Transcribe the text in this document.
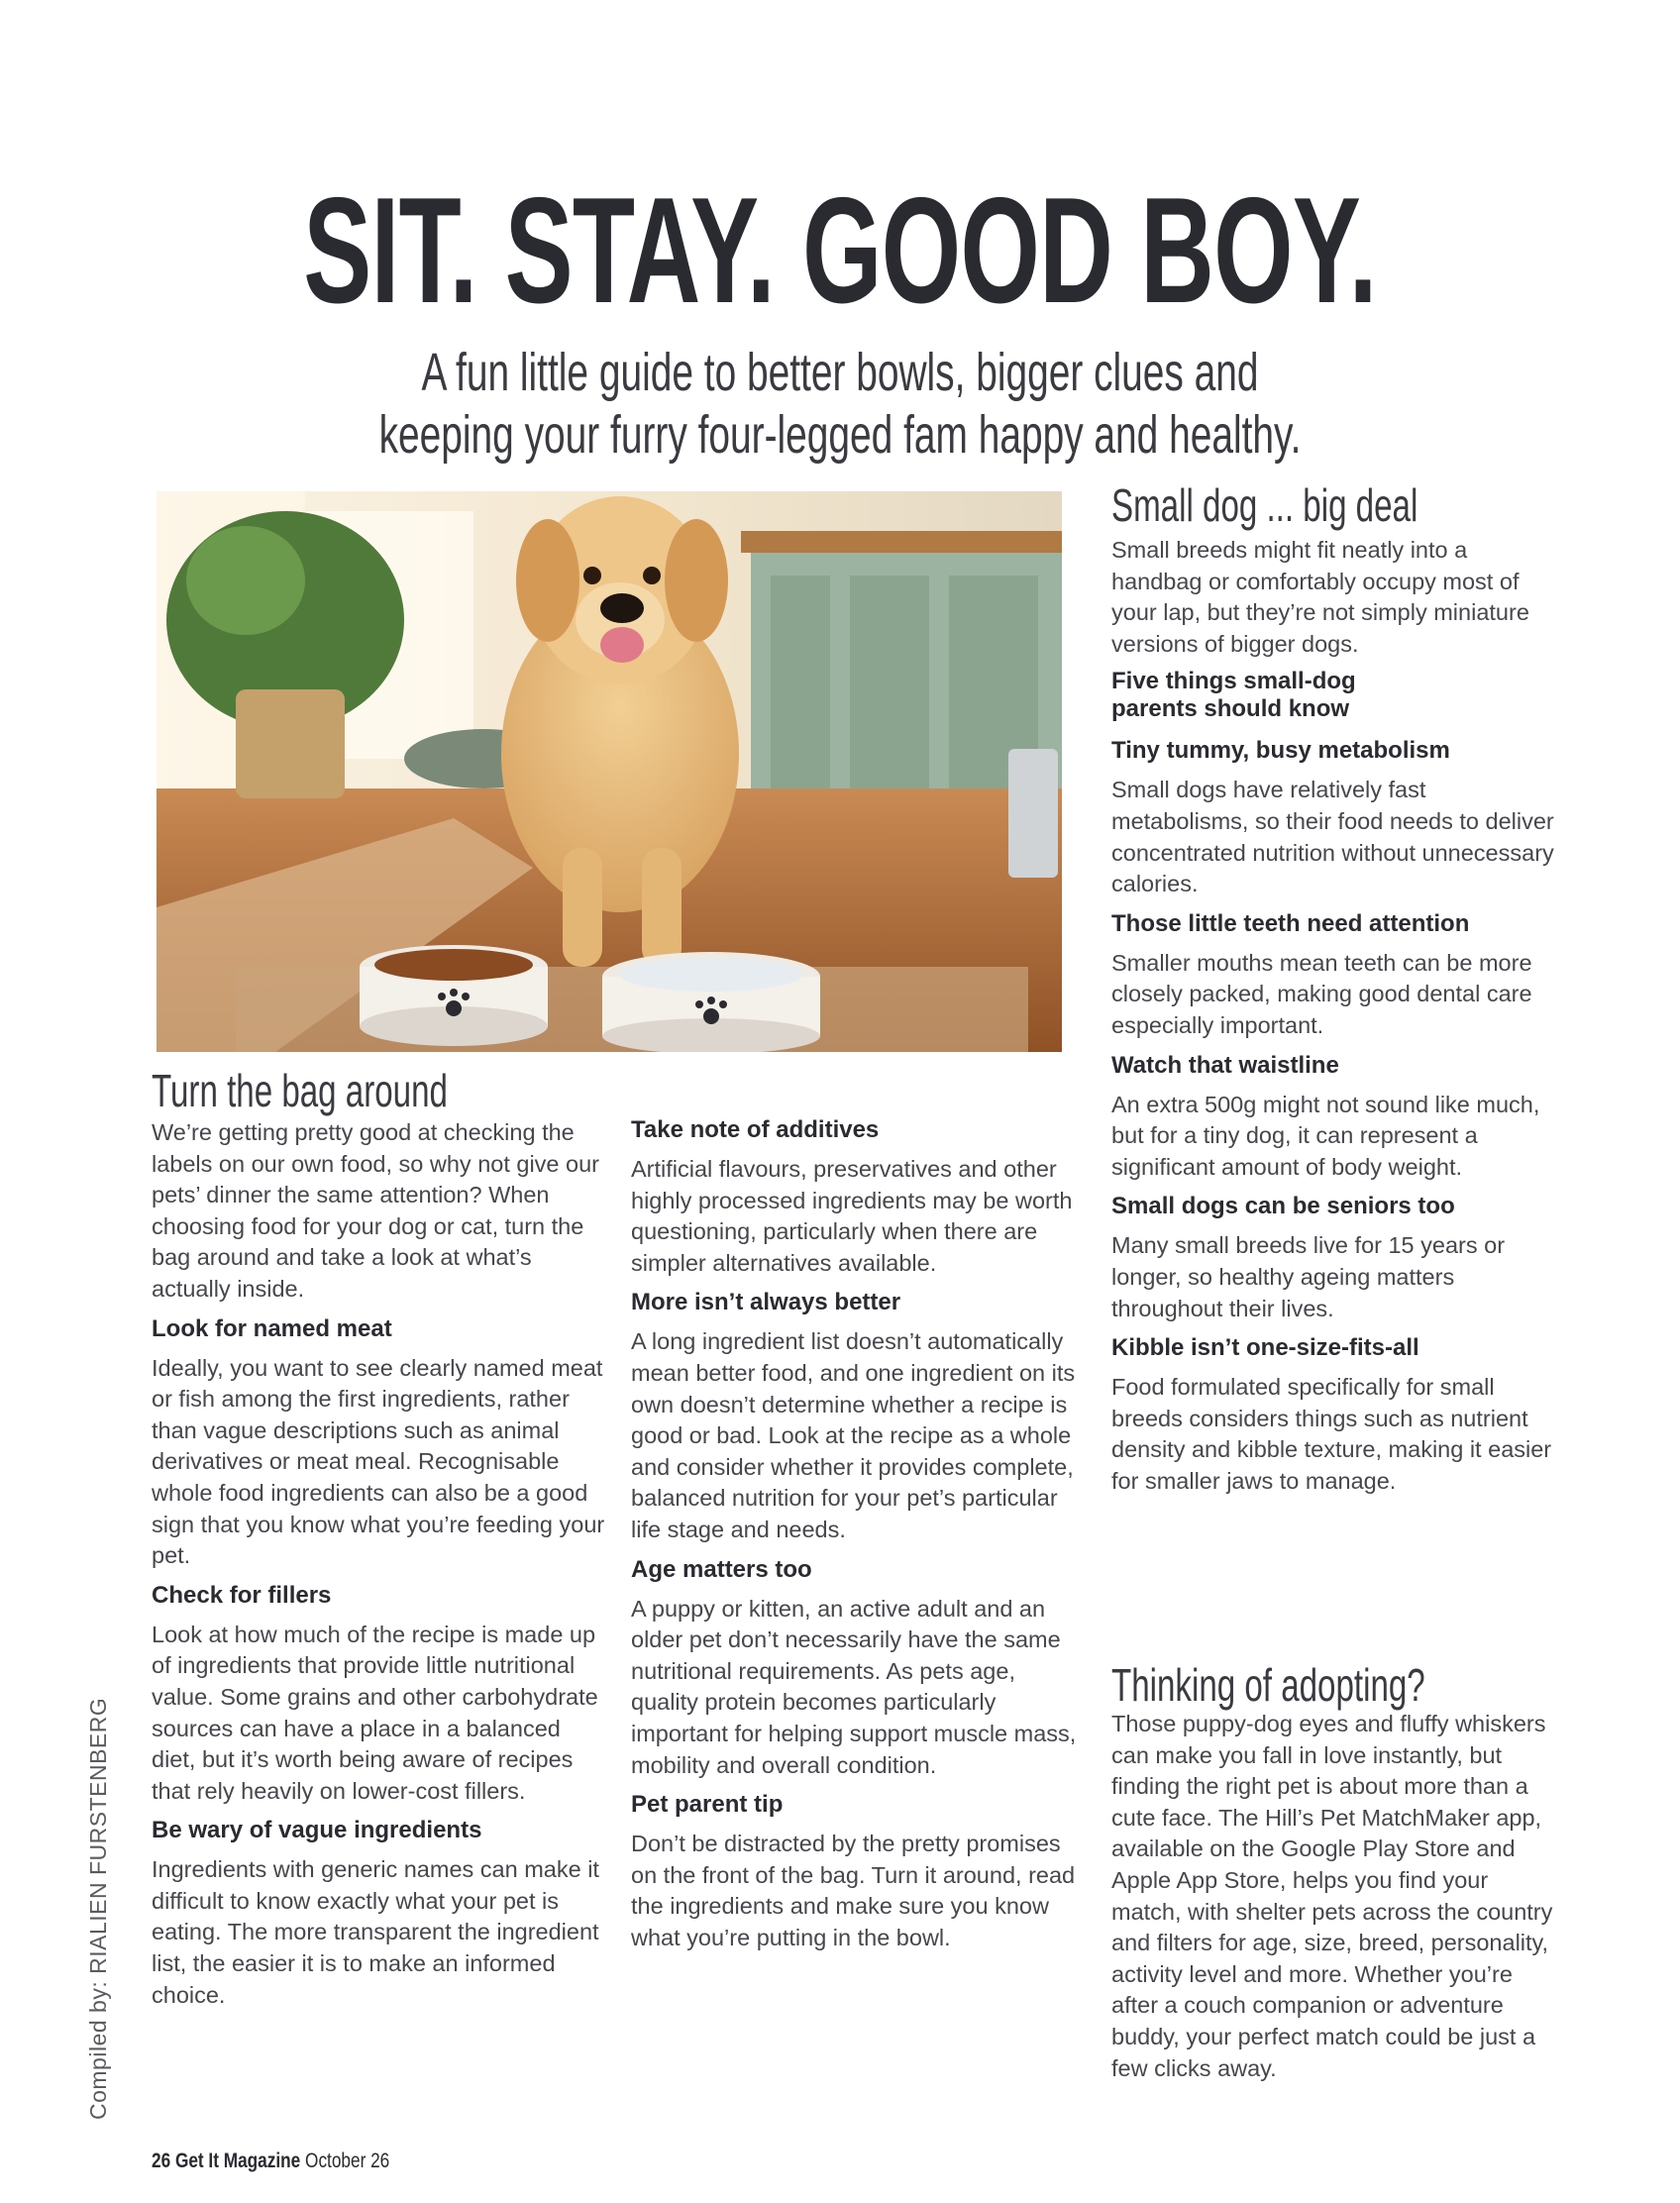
SIT. STAY. GOOD BOY.
A fun little guide to better bowls, bigger clues and
keeping your furry four-legged fam happy and healthy.
Turn the bag around

We’re getting pretty good at checking the labels on our own food, so why not give our pets’ dinner the same attention? When choosing food for your dog or cat, turn the bag around and take a look at what’s actually inside.

Look for named meat

Ideally, you want to see clearly named meat or fish among the first ingredients, rather than vague descriptions such as animal derivatives or meat meal. Recognisable whole food ingredients can also be a good sign that you know what you’re feeding your pet.

Check for fillers

Look at how much of the recipe is made up of ingredients that provide little nutritional value. Some grains and other carbohydrate sources can have a place in a balanced diet, but it’s worth being aware of recipes that rely heavily on lower-cost fillers.

Be wary of vague ingredients

Ingredients with generic names can make it difficult to know exactly what your pet is eating. The more transparent the ingredient list, the easier it is to make an informed choice.

Take note of additives

Artificial flavours, preservatives and other highly processed ingredients may be worth questioning, particularly when there are simpler alternatives available.

More isn’t always better

A long ingredient list doesn’t automatically mean better food, and one ingredient on its own doesn’t determine whether a recipe is good or bad. Look at the recipe as a whole and consider whether it provides complete, balanced nutrition for your pet’s particular life stage and needs.

Age matters too

A puppy or kitten, an active adult and an older pet don’t necessarily have the same nutritional requirements. As pets age, quality protein becomes particularly important for helping support muscle mass, mobility and overall condition.

Pet parent tip

Don’t be distracted by the pretty promises on the front of the bag. Turn it around, read the ingredients and make sure you know what you’re putting in the bowl.

Small dog ... big deal

Small breeds might fit neatly into a handbag or comfortably occupy most of your lap, but they’re not simply miniature versions of bigger dogs.

Five things small-dog parents should know

Tiny tummy, busy metabolism

Small dogs have relatively fast metabolisms, so their food needs to deliver concentrated nutrition without unnecessary calories.

Those little teeth need attention

Smaller mouths mean teeth can be more closely packed, making good dental care especially important.

Watch that waistline

An extra 500g might not sound like much, but for a tiny dog, it can represent a significant amount of body weight.

Small dogs can be seniors too

Many small breeds live for 15 years or longer, so healthy ageing matters throughout their lives.

Kibble isn’t one-size-fits-all

Food formulated specifically for small breeds considers things such as nutrient density and kibble texture, making it easier for smaller jaws to manage.

Thinking of adopting?

Those puppy-dog eyes and fluffy whiskers can make you fall in love instantly, but finding the right pet is about more than a cute face. The Hill’s Pet MatchMaker app, available on the Google Play Store and Apple App Store, helps you find your match, with shelter pets across the country and filters for age, size, breed, personality, activity level and more. Whether you’re after a couch companion or adventure buddy, your perfect match could be just a few clicks away.

Compiled by: RIALIEN FURSTENBERG
26 Get It Magazine October 26
